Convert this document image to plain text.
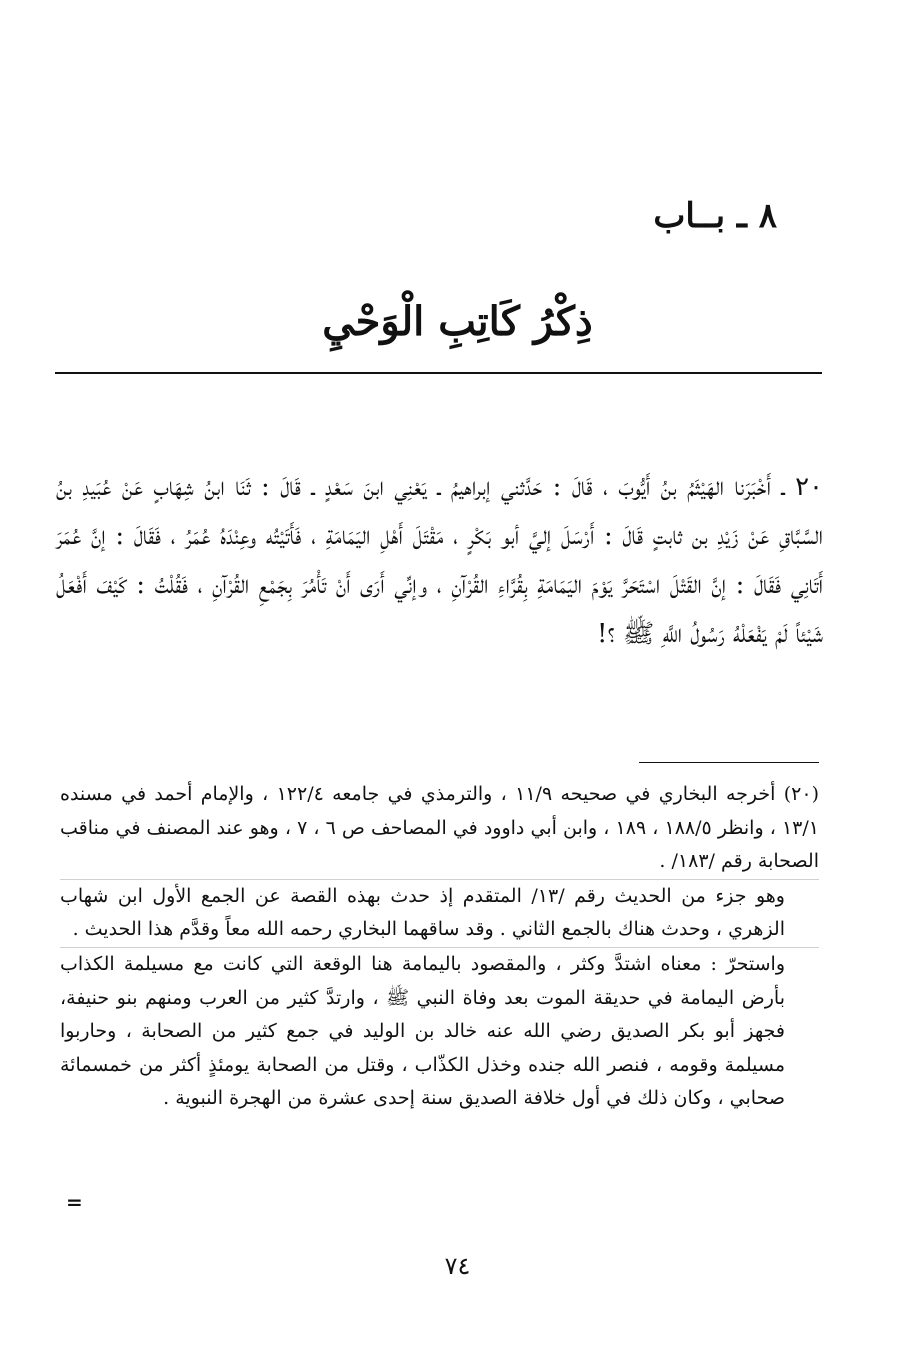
٨ ـ بــاب
ذِكْرُ كَاتِبِ الْوَحْيِ

٢٠ ـ أَخْبَرَنا الهَيْثَمُ بنُ أَيُّوبَ ، قَالَ : حَدَّثني إبراهيمُ ـ يَعْنِي ابنَ سَعْدٍ ـ قَالَ : ثَنَا ابنُ شِهَابٍ عَنْ عُبَيدِ بنُ السَّبَّاقِ عَنْ زَيْدِ بن ثابتٍ قَالَ : أَرْسَلَ إليَّ أبو بَكْرٍ ، مَقْتَلَ أَهْلِ اليَمَامَةِ ، فَأَتَيْتُه وعِنْدَهُ عُمَرُ ، فَقَالَ : إنَّ عُمَرَ أَتَانِي فَقَالَ : إنَّ القَتْلَ اسْتَحَرَّ يَوْمَ اليَمَامَةِ بِقُرَّاءِ القُرْآنِ ، وإنِّي أَرَى أَنْ تَأْمُرَ بِجَمْعِ القُرْآنِ ، فَقُلْتُ : كَيْفَ أَفْعَلُ شَيْئاً لَمْ يَفْعَلْهُ رَسُولُ اللَّهِ ﷺ ؟!

(٢٠) أخرجه البخاري في صحيحه ١١/٩ ، والترمذي في جامعه ١٢٢/٤ ، والإمام أحمد في مسنده ١٣/١ ، وانظر ١٨٨/٥ ، ١٨٩ ، وابن أبي داوود في المصاحف ص ٦ ، ٧ ، وهو عند المصنف في مناقب الصحابة رقم /١٨٣/ .

وهو جزء من الحديث رقم /١٣/ المتقدم إذ حدث بهذه القصة عن الجمع الأول ابن شهاب الزهري ، وحدث هناك بالجمع الثاني . وقد ساقهما البخاري رحمه الله معاً وقدَّم هذا الحديث .

واستحرّ : معناه اشتدَّ وكثر ، والمقصود باليمامة هنا الوقعة التي كانت مع مسيلمة الكذاب بأرض اليمامة في حديقة الموت بعد وفاة النبي ﷺ ، وارتدَّ كثير من العرب ومنهم بنو حنيفة، فجهز أبو بكر الصديق رضي الله عنه خالد بن الوليد في جمع كثير من الصحابة ، وحاربوا مسيلمة وقومه ، فنصر الله جنده وخذل الكذّاب ، وقتل من الصحابة يومئذٍ أكثر من خمسمائة صحابي ، وكان ذلك في أول خلافة الصديق سنة إحدى عشرة من الهجرة النبوية .

=
٧٤
